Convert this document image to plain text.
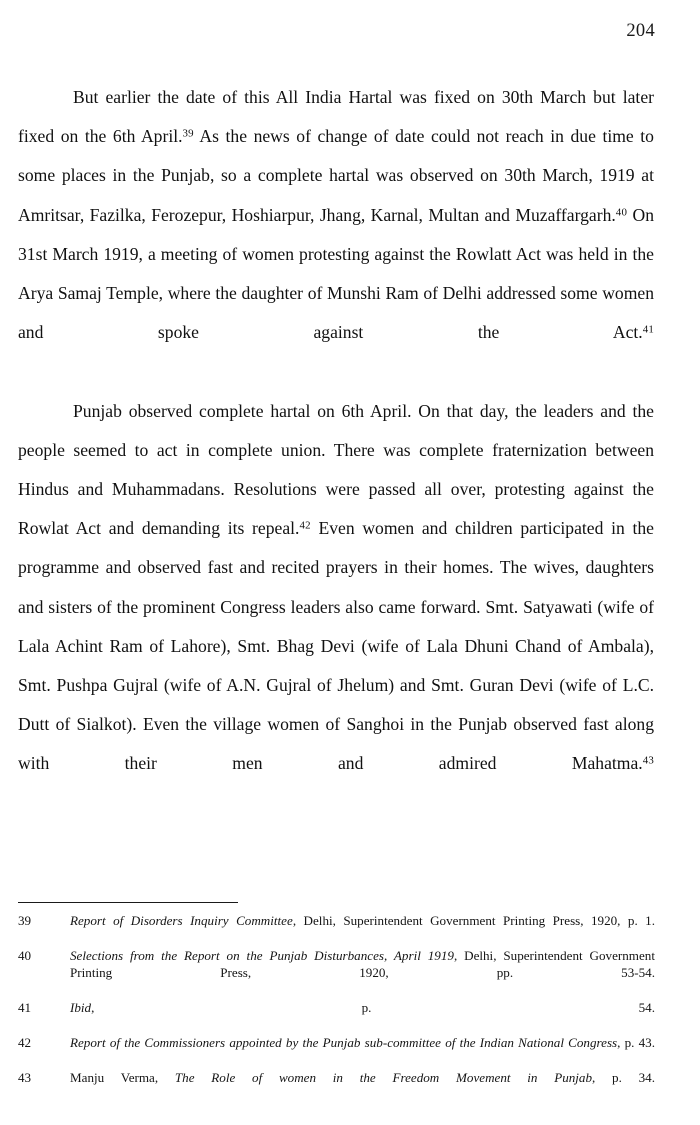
204

But earlier the date of this All India Hartal was fixed on 30th March but later fixed on the 6th April.$^{39}$ As the news of change of date could not reach in due time to some places in the Punjab, so a complete hartal was observed on 30th March, 1919 at Amritsar, Fazilka, Ferozepur, Hoshiarpur, Jhang, Karnal, Multan and Muzaffargarh.$^{40}$ On 31st March 1919, a meeting of women protesting against the Rowlatt Act was held in the Arya Samaj Temple, where the daughter of Munshi Ram of Delhi addressed some women and spoke against the Act.$^{41}$

Punjab observed complete hartal on 6th April. On that day, the leaders and the people seemed to act in complete union. There was complete fraternization between Hindus and Muhammadans. Resolutions were passed all over, protesting against the Rowlat Act and demanding its repeal.$^{42}$ Even women and children participated in the programme and observed fast and recited prayers in their homes. The wives, daughters and sisters of the prominent Congress leaders also came forward. Smt. Satyawati (wife of Lala Achint Ram of Lahore), Smt. Bhag Devi (wife of Lala Dhuni Chand of Ambala), Smt. Pushpa Gujral (wife of A.N. Gujral of Jhelum) and Smt. Guran Devi (wife of L.C. Dutt of Sialkot). Even the village women of Sanghoi in the Punjab observed fast along with their men and admired Mahatma.$^{43}$

39	Report of Disorders Inquiry Committee, Delhi, Superintendent Government Printing Press, 1920, p. 1.
40	Selections from the Report on the Punjab Disturbances, April 1919, Delhi, Superintendent Government Printing Press, 1920, pp. 53-54.
41	Ibid, p. 54.
42	Report of the Commissioners appointed by the Punjab sub-committee of the Indian National Congress, p. 43.
43	Manju Verma, The Role of women in the Freedom Movement in Punjab, p. 34.
